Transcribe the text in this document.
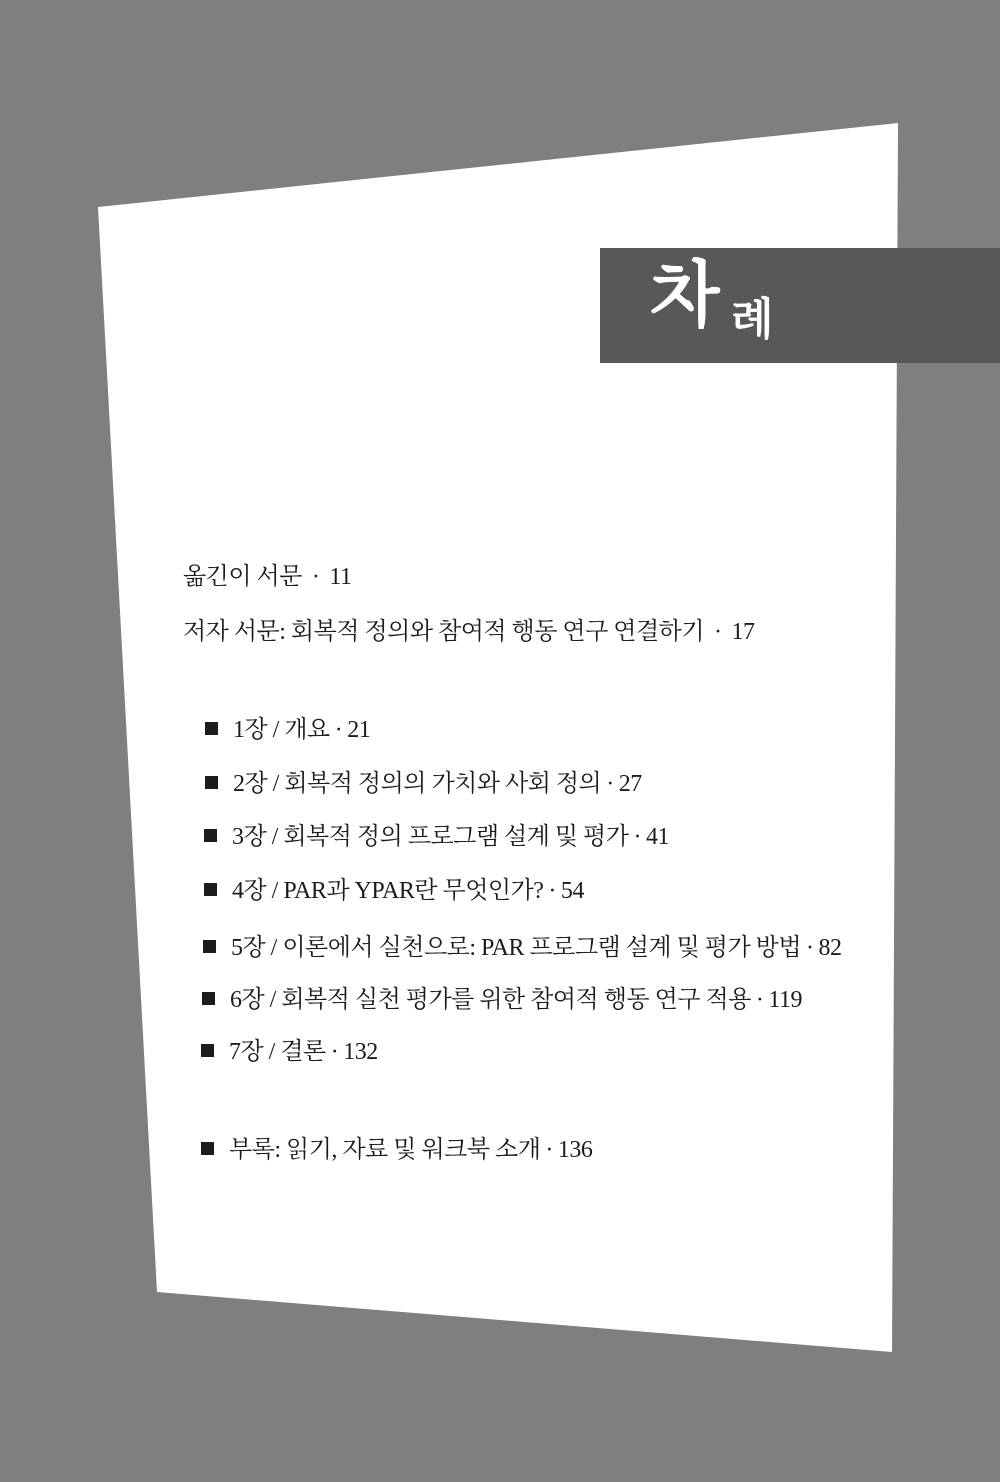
차 례
옮긴이 서문 · 11
저자 서문: 회복적 정의와 참여적 행동 연구 연결하기 · 17
1장 / 개요 · 21
2장 / 회복적 정의의 가치와 사회 정의 · 27
3장 / 회복적 정의 프로그램 설계 및 평가 · 41
4장 / PAR과 YPAR란 무엇인가? · 54
5장 / 이론에서 실천으로: PAR 프로그램 설계 및 평가 방법 · 82
6장 / 회복적 실천 평가를 위한 참여적 행동 연구 적용 · 119
7장 / 결론 · 132
부록: 읽기, 자료 및 워크북 소개 · 136
